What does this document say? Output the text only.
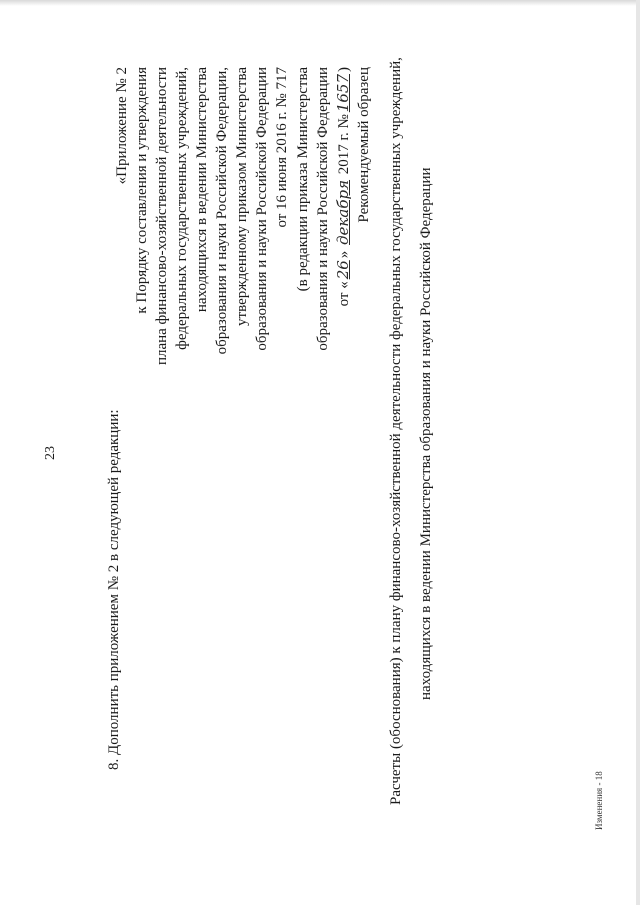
23
«Приложение № 2 к Порядку составления и утверждения плана финансово-хозяйственной деятельности федеральных государственных учреждений, находящихся в ведении Министерства образования и науки Российской Федерации, утвержденному приказом Министерства образования и науки Российской Федерации от 16 июня 2016 г. № 717 (в редакции приказа Министерства образования и науки Российской Федерации от «26» декабря 2017 г. №1657) Рекомендуемый образец
8. Дополнить приложением № 2 в следующей редакции:	Расчеты (обоснования) к плану финансово-хозяйственной деятельности федеральных государственных учреждений, находящихся в ведении Министерства образования и науки Российской Федерации
Изменения - 18
